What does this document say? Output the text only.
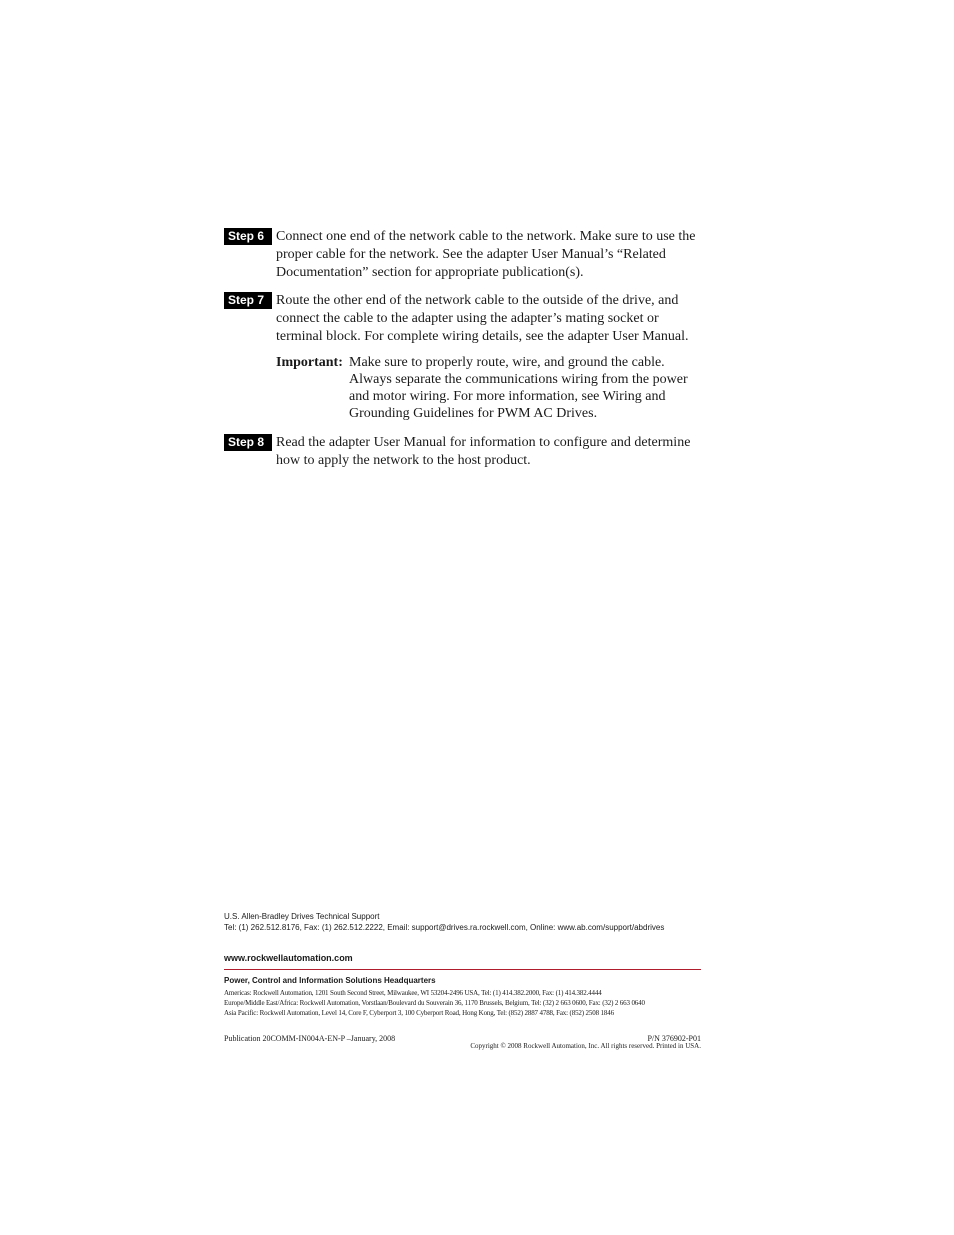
Step 6 Connect one end of the network cable to the network. Make sure to use the proper cable for the network. See the adapter User Manual’s “Related Documentation” section for appropriate publication(s).

Step 7 Route the other end of the network cable to the outside of the drive, and connect the cable to the adapter using the adapter’s mating socket or terminal block. For complete wiring details, see the adapter User Manual.

Important: Make sure to properly route, wire, and ground the cable. Always separate the communications wiring from the power and motor wiring. For more information, see Wiring and Grounding Guidelines for PWM AC Drives.

Step 8 Read the adapter User Manual for information to configure and determine how to apply the network to the host product.

U.S. Allen-Bradley Drives Technical Support
Tel: (1) 262.512.8176, Fax: (1) 262.512.2222, Email: support@drives.ra.rockwell.com, Online: www.ab.com/support/abdrives
www.rockwellautomation.com
Power, Control and Information Solutions Headquarters
Americas: Rockwell Automation, 1201 South Second Street, Milwaukee, WI 53204-2496 USA, Tel: (1) 414.382.2000, Fax: (1) 414.382.4444
Europe/Middle East/Africa: Rockwell Automation, Vorstlaan/Boulevard du Souverain 36, 1170 Brussels, Belgium, Tel: (32) 2 663 0600, Fax: (32) 2 663 0640
Asia Pacific: Rockwell Automation, Level 14, Core F, Cyberport 3, 100 Cyberport Road, Hong Kong, Tel: (852) 2887 4788, Fax: (852) 2508 1846
Publication 20COMM-IN004A-EN-P –January, 2008	P/N 376902-P01
Copyright © 2008 Rockwell Automation, Inc. All rights reserved. Printed in USA.
